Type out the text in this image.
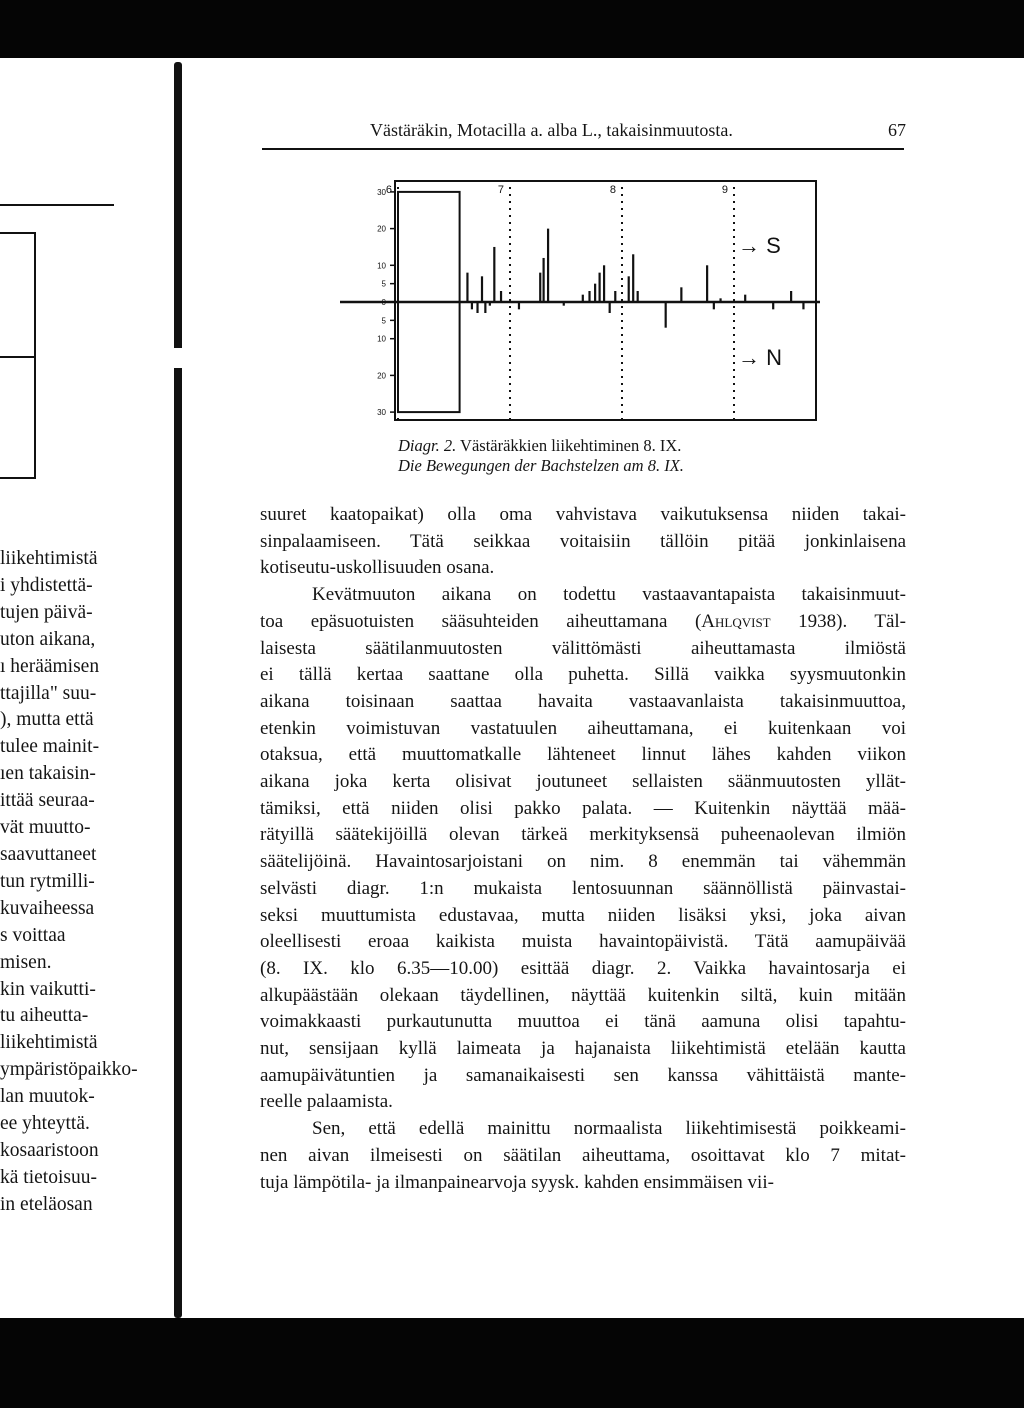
liikehtimistä
i yhdistettä-
tujen päivä-
uton aikana,
ı heräämisen
ttajilla" suu-
), mutta että
tulee mainit-
ıen takaisin-
ittää seuraa-
vät muutto-
saavuttaneet
tun rytmilli-
kuvaiheessa
s voittaa
misen.
kin vaikutti-
tu aiheutta-
liikehtimistä
ympäristöpaikko-
lan muutok-
ee yhteyttä.
kosaaristoon
kä tietoisuu-
in eteläosan
Västäräkin, Motacilla a. alba L., takaisinmuutosta.	67
6	7	8	9
30
20
10
5
0
5
10
20
30
→ S
→ N
Diagr. 2. Västäräkkien liikehtiminen 8. IX.
Die Bewegungen der Bachstelzen am 8. IX.
suuret kaatopaikat) olla oma vahvistava vaikutuksensa niiden takai-
sinpalaamiseen. Tätä seikkaa voitaisiin tällöin pitää jonkinlaisena
kotiseutu-uskollisuuden osana.
Kevätmuuton aikana on todettu vastaavantapaista takaisinmuut-
toa epäsuotuisten sääsuhteiden aiheuttamana (Ahlqvist 1938). Täl-
laisesta säätilanmuutosten välittömästi aiheuttamasta ilmiöstä
ei tällä kertaa saattane olla puhetta. Sillä vaikka syysmuutonkin
aikana toisinaan saattaa havaita vastaavanlaista takaisinmuuttoa,
etenkin voimistuvan vastatuulen aiheuttamana, ei kuitenkaan voi
otaksua, että muuttomatkalle lähteneet linnut lähes kahden viikon
aikana joka kerta olisivat joutuneet sellaisten säänmuutosten yllät-
tämiksi, että niiden olisi pakko palata. — Kuitenkin näyttää mää-
rätyillä säätekijöillä olevan tärkeä merkityksensä puheenaolevan ilmiön
säätelijöinä. Havaintosarjoistani on nim. 8 enemmän tai vähemmän
selvästi diagr. 1:n mukaista lentosuunnan säännöllistä päinvastai-
seksi muuttumista edustavaa, mutta niiden lisäksi yksi, joka aivan
oleellisesti eroaa kaikista muista havaintopäivistä. Tätä aamupäivää
(8. IX. klo 6.35—10.00) esittää diagr. 2. Vaikka havaintosarja ei
alkupäästään olekaan täydellinen, näyttää kuitenkin siltä, kuin mitään
voimakkaasti purkautunutta muuttoa ei tänä aamuna olisi tapahtu-
nut, sensijaan kyllä laimeata ja hajanaista liikehtimistä etelään kautta
aamupäivätuntien ja samanaikaisesti sen kanssa vähittäistä mante-
reelle palaamista.
Sen, että edellä mainittu normaalista liikehtimisestä poikkeami-
nen aivan ilmeisesti on säätilan aiheuttama, osoittavat klo 7 mitat-
tuja lämpötila- ja ilmanpainearvoja syysk. kahden ensimmäisen vii-
